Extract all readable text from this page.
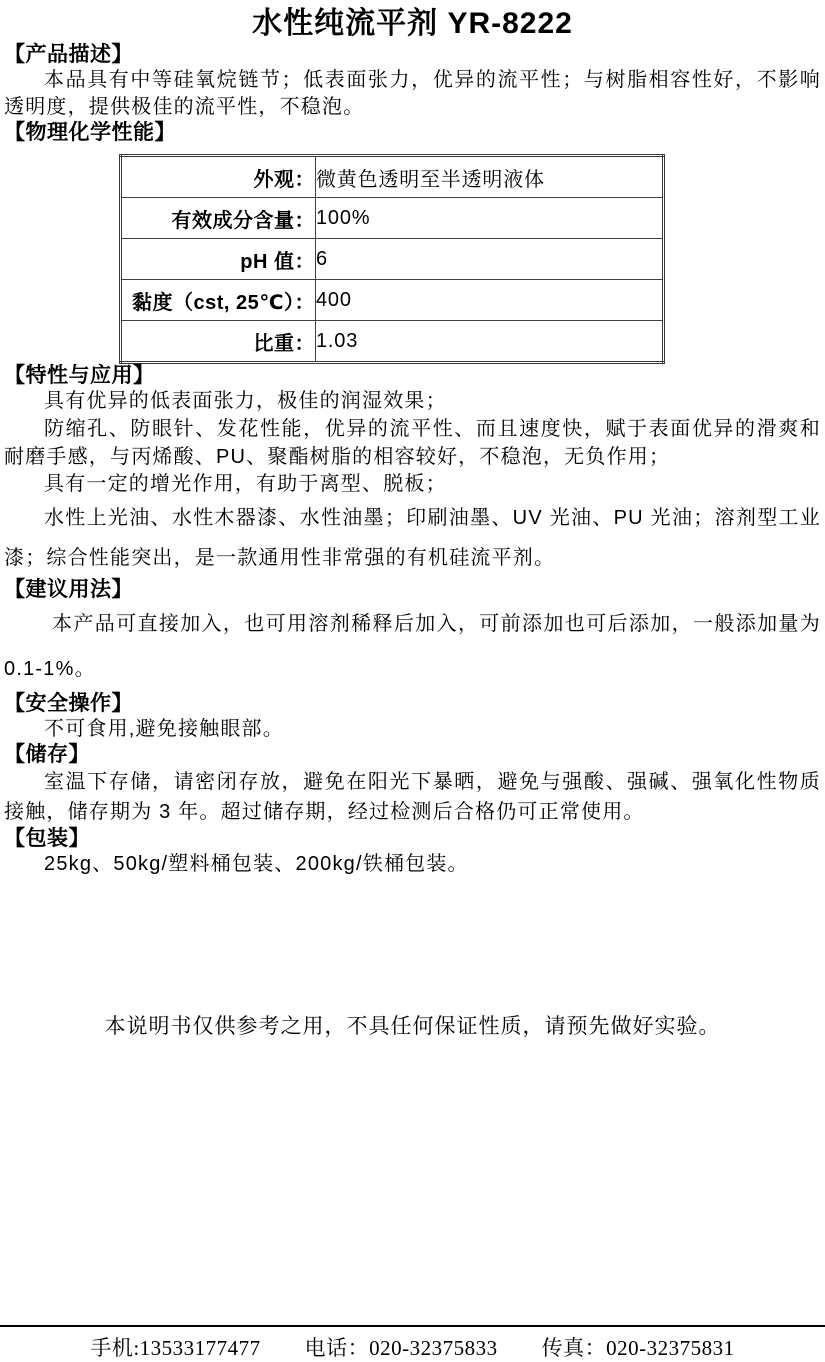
水性纯流平剂 YR-8222
【产品描述】

本品具有中等硅氧烷链节；低表面张力，优异的流平性；与树脂相容性好，不影响透明度，提供极佳的流平性，不稳泡。

【物理化学性能】
外观：	微黄色透明至半透明液体
有效成分含量：	100%
pH 值：	6
黏度（cst, 25℃）：	400
比重：	1.03
【特性与应用】

具有优异的低表面张力，极佳的润湿效果；

防缩孔、防眼针、发花性能，优异的流平性、而且速度快，赋于表面优异的滑爽和耐磨手感，与丙烯酸、PU、聚酯树脂的相容较好，不稳泡，无负作用；

具有一定的增光作用，有助于离型、脱板；

水性上光油、水性木器漆、水性油墨；印刷油墨、UV 光油、PU 光油；溶剂型工业漆；综合性能突出，是一款通用性非常强的有机硅流平剂。

【建议用法】

本产品可直接加入，也可用溶剂稀释后加入，可前添加也可后添加，一般添加量为 0.1-1%。

【安全操作】

不可食用,避免接触眼部。

【储存】

室温下存储，请密闭存放，避免在阳光下暴晒，避免与强酸、强碱、强氧化性物质接触，储存期为 3 年。超过储存期，经过检测后合格仍可正常使用。

【包装】

25kg、50kg/塑料桶包装、200kg/铁桶包装。

本说明书仅供参考之用，不具任何保证性质，请预先做好实验。

手机:13533177477 电话：020-32375833 传真：020-32375831
